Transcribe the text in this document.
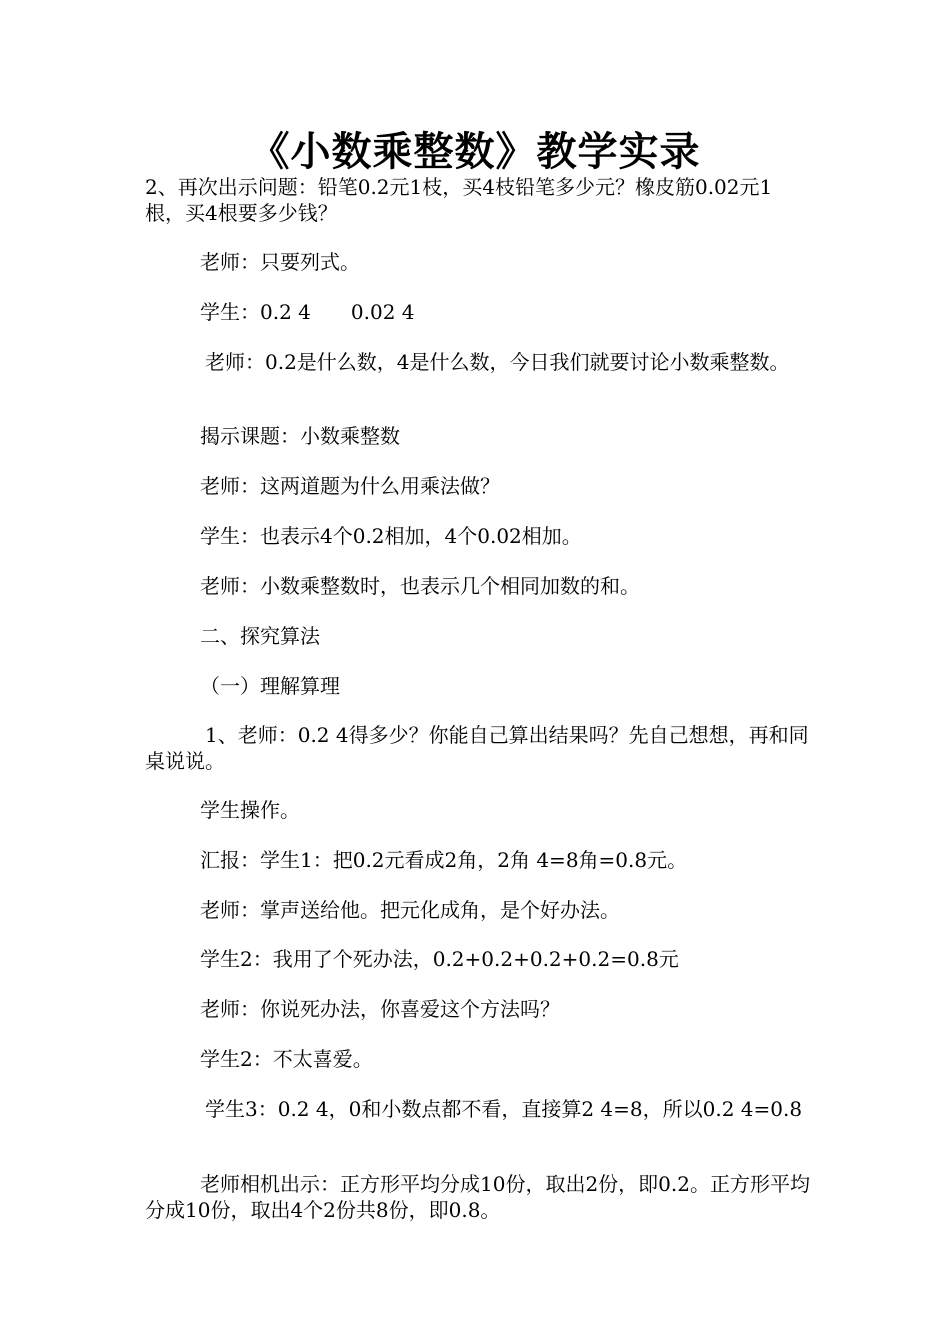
《小数乘整数》教学实录

2、再次出示问题：铅笔0.2元1枝，买4枝铅笔多少元？橡皮筋0.02元1根，买4根要多少钱？

老师：只要列式。

学生：0.2 4　　0.02 4

老师：0.2是什么数，4是什么数，今日我们就要讨论小数乘整数。

揭示课题：小数乘整数

老师：这两道题为什么用乘法做？

学生：也表示4个0.2相加，4个0.02相加。

老师：小数乘整数时，也表示几个相同加数的和。

二、探究算法

（一）理解算理

1、老师：0.2 4得多少？你能自己算出结果吗？先自己想想，再和同桌说说。

学生操作。

汇报：学生1：把0.2元看成2角，2角 4=8角=0.8元。

老师：掌声送给他。把元化成角，是个好办法。

学生2：我用了个死办法，0.2+0.2+0.2+0.2=0.8元

老师：你说死办法，你喜爱这个方法吗？

学生2：不太喜爱。

学生3：0.2 4，0和小数点都不看，直接算2 4=8，所以0.2 4=0.8

老师相机出示：正方形平均分成10份，取出2份，即0.2。正方形平均分成10份，取出4个2份共8份，即0.8。
